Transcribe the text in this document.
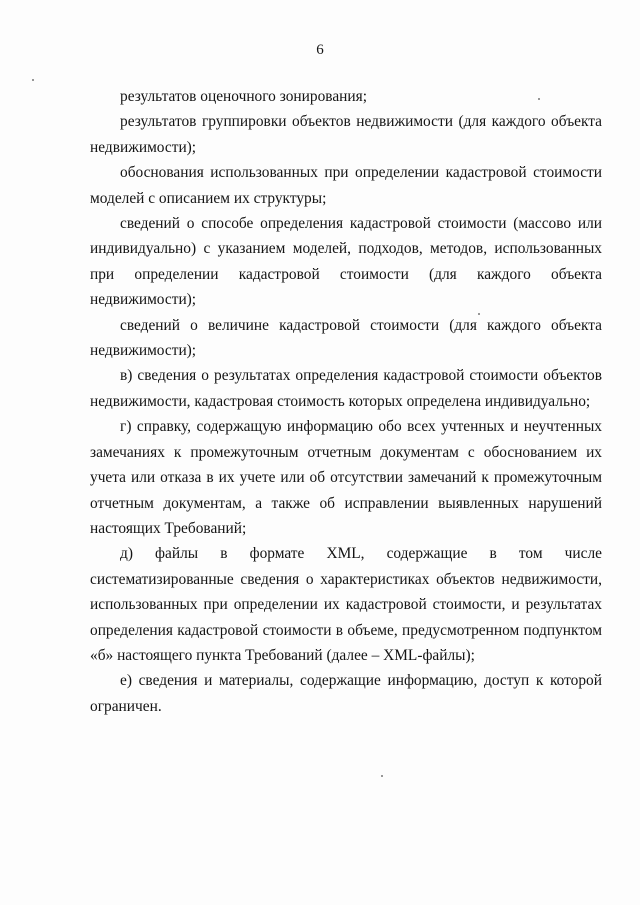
6

результатов оценочного зонирования;

результатов группировки объектов недвижимости (для каждого объекта недвижимости);

обоснования использованных при определении кадастровой стоимости моделей с описанием их структуры;

сведений о способе определения кадастровой стоимости (массово или индивидуально) с указанием моделей, подходов, методов, использованных при определении кадастровой стоимости (для каждого объекта недвижимости);

сведений о величине кадастровой стоимости (для каждого объекта недвижимости);

в) сведения о результатах определения кадастровой стоимости объектов недвижимости, кадастровая стоимость которых определена индивидуально;

г) справку, содержащую информацию обо всех учтенных и неучтенных замечаниях к промежуточным отчетным документам с обоснованием их учета или отказа в их учете или об отсутствии замечаний к промежуточным отчетным документам, а также об исправлении выявленных нарушений настоящих Требований;

д) файлы в формате XML, содержащие в том числе систематизированные сведения о характеристиках объектов недвижимости, использованных при определении их кадастровой стоимости, и результатах определения кадастровой стоимости в объеме, предусмотренном подпунктом «б» настоящего пункта Требований (далее – XML-файлы);

е) сведения и материалы, содержащие информацию, доступ к которой ограничен.
